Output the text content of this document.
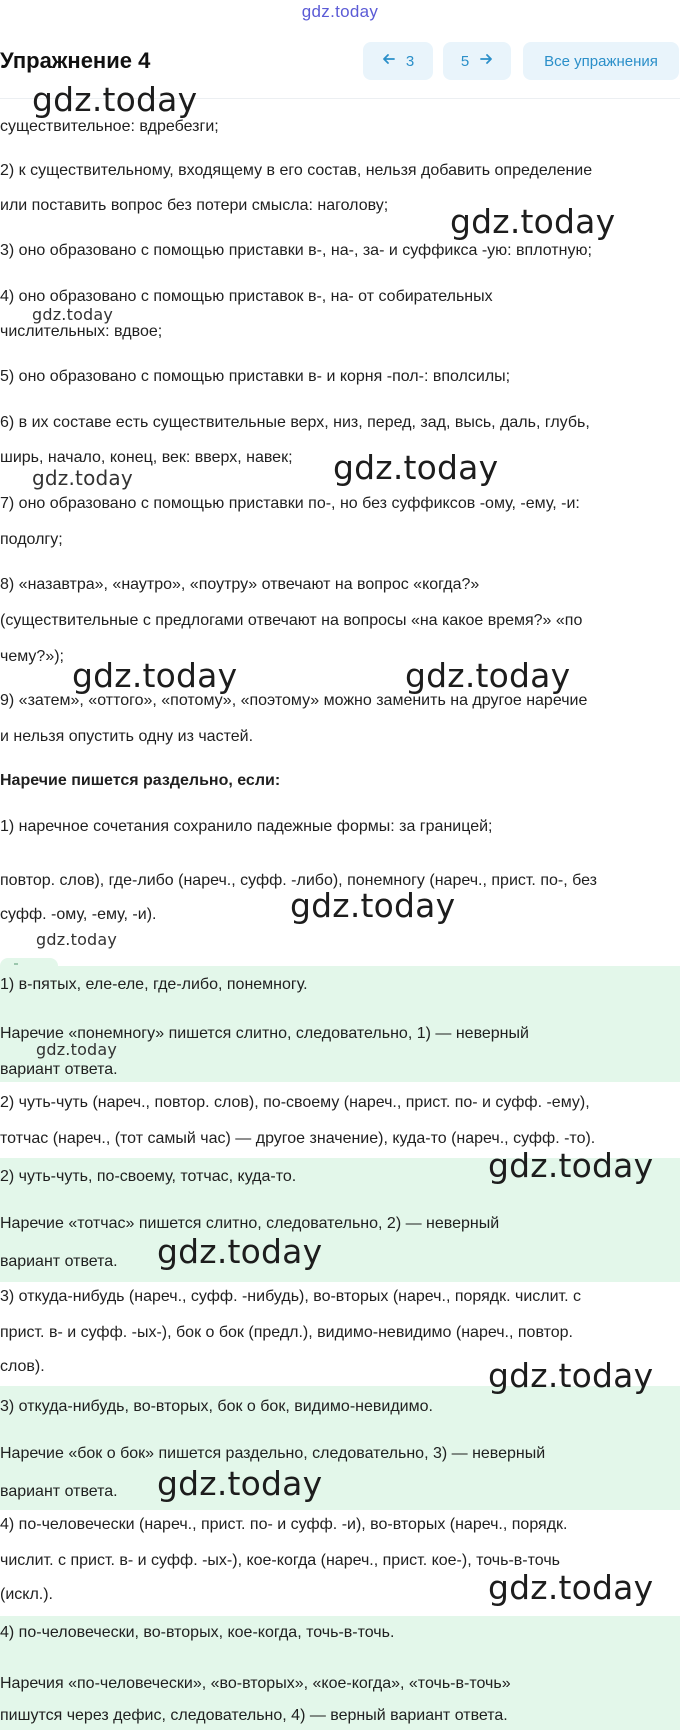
gdz.today
Упражнение 4	3	5	Все упражнения
существительное: вдребезги;
2) к существительному, входящему в его состав, нельзя добавить определение
или поставить вопрос без потери смысла: наголову;
3) оно образовано с помощью приставки в-, на-, за- и суффикса -ую: вплотную;
4) оно образовано с помощью приставок в-, на- от собирательных
числительных: вдвое;
5) оно образовано с помощью приставки в- и корня -пол-: вполсилы;
6) в их составе есть существительные верх, низ, перед, зад, высь, даль, глубь,
ширь, начало, конец, век: вверх, навек;
7) оно образовано с помощью приставки по-, но без суффиксов -ому, -ему, -и:
подолгу;
8) «назавтра», «наутро», «поутру» отвечают на вопрос «когда?»
(существительные с предлогами отвечают на вопросы «на какое время?» «по
чему?»);
9) «затем», «оттого», «потому», «поэтому» можно заменить на другое наречие
и нельзя опустить одну из частей.
Наречие пишется раздельно, если:
1) наречное сочетания сохранило падежные формы: за границей;
повтор. слов), где-либо (нареч., суфф. -либо), понемногу (нареч., прист. по-, без
суфф. -ому, -ему, -и).
1) в-пятых, еле-еле, где-либо, понемногу.
Наречие «понемногу» пишется слитно, следовательно, 1) — неверный
вариант ответа.
2) чуть-чуть (нареч., повтор. слов), по-своему (нареч., прист. по- и суфф. -ему),
тотчас (нареч., (тот самый час) — другое значение), куда-то (нареч., суфф. -то).
2) чуть-чуть, по-своему, тотчас, куда-то.
Наречие «тотчас» пишется слитно, следовательно, 2) — неверный
вариант ответа.
3) откуда-нибудь (нареч., суфф. -нибудь), во-вторых (нареч., порядк. числит. с
прист. в- и суфф. -ых-), бок о бок (предл.), видимо-невидимо (нареч., повтор.
слов).
3) откуда-нибудь, во-вторых, бок о бок, видимо-невидимо.
Наречие «бок о бок» пишется раздельно, следовательно, 3) — неверный
вариант ответа.
4) по-человечески (нареч., прист. по- и суфф. -и), во-вторых (нареч., порядк.
числит. с прист. в- и суфф. -ых-), кое-когда (нареч., прист. кое-), точь-в-точь
(искл.).
4) по-человечески, во-вторых, кое-когда, точь-в-точь.
Наречия «по-человечески», «во-вторых», «кое-когда», «точь-в-точь»
пишутся через дефис, следовательно, 4) — верный вариант ответа.
gdz.today
gdz.today
gdz.today
gdz.today
gdz.today
gdz.today	gdz.today
gdz.today
gdz.today
gdz.today
gdz.today
gdz.today
gdz.today
gdz.today
gdz.today
